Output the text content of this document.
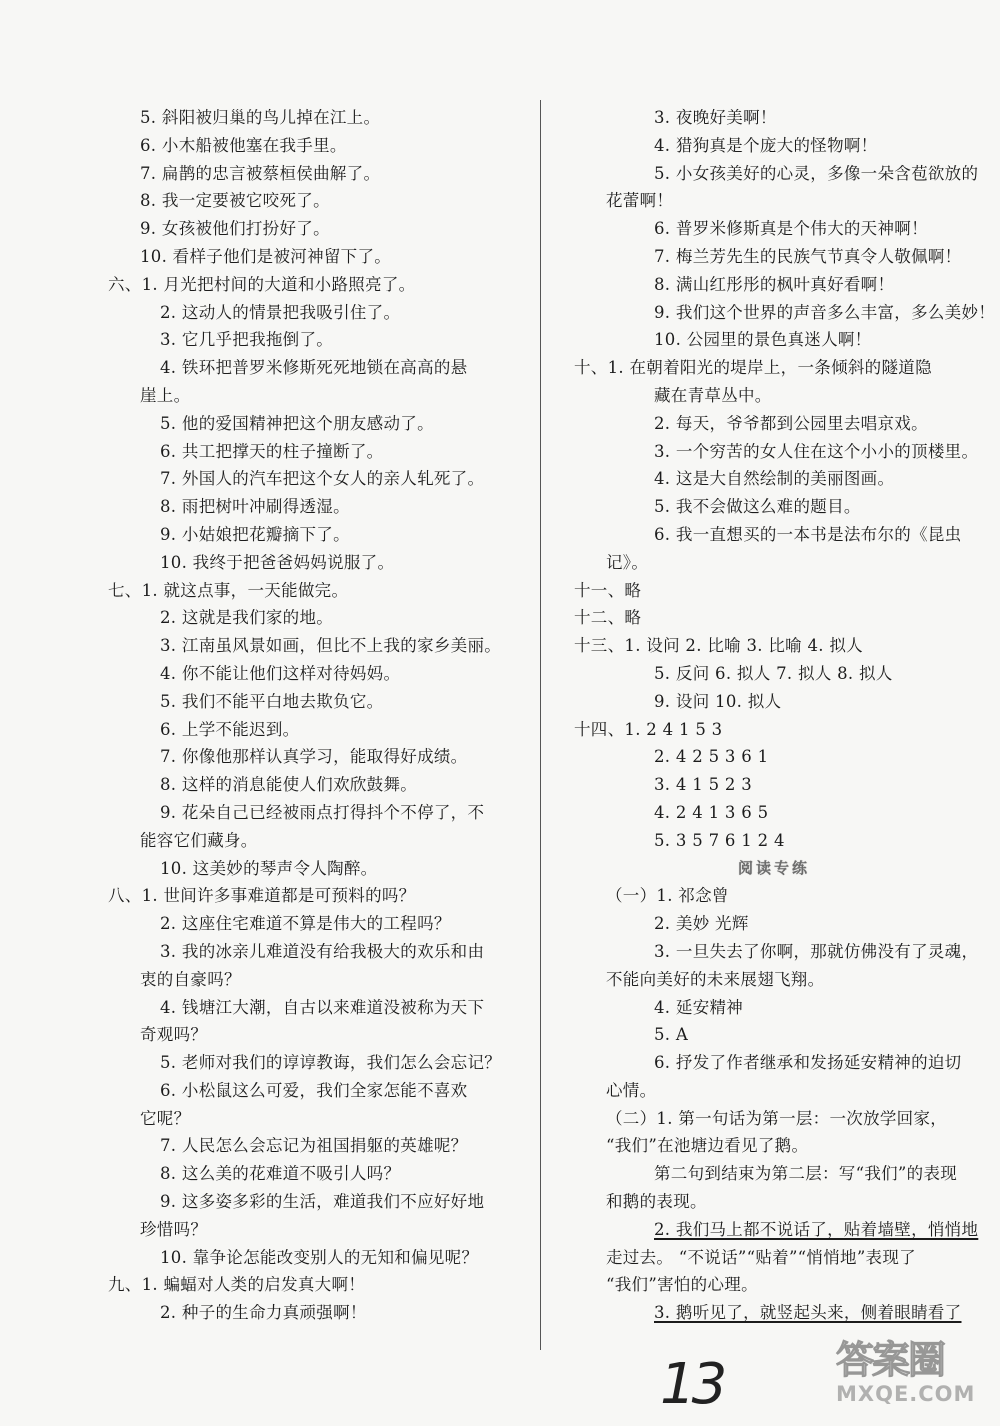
5. 斜阳被归巢的鸟儿掉在江上。
6. 小木船被他塞在我手里。
7. 扁鹊的忠言被蔡桓侯曲解了。
8. 我一定要被它咬死了。
9. 女孩被他们打扮好了。
10. 看样子他们是被河神留下了。
六、1. 月光把村间的大道和小路照亮了。
2. 这动人的情景把我吸引住了。
3. 它几乎把我拖倒了。
4. 铁环把普罗米修斯死死地锁在高高的悬
崖上。
5. 他的爱国精神把这个朋友感动了。
6. 共工把撑天的柱子撞断了。
7. 外国人的汽车把这个女人的亲人轧死了。
8. 雨把树叶冲刷得透湿。
9. 小姑娘把花瓣摘下了。
10. 我终于把爸爸妈妈说服了。
七、1. 就这点事，一天能做完。
2. 这就是我们家的地。
3. 江南虽风景如画，但比不上我的家乡美丽。
4. 你不能让他们这样对待妈妈。
5. 我们不能平白地去欺负它。
6. 上学不能迟到。
7. 你像他那样认真学习，能取得好成绩。
8. 这样的消息能使人们欢欣鼓舞。
9. 花朵自己已经被雨点打得抖个不停了，不
能容它们藏身。
10. 这美妙的琴声令人陶醉。
八、1. 世间许多事难道都是可预料的吗？
2. 这座住宅难道不算是伟大的工程吗？
3. 我的冰亲儿难道没有给我极大的欢乐和由
衷的自豪吗？
4. 钱塘江大潮，自古以来难道没被称为天下
奇观吗？
5. 老师对我们的谆谆教诲，我们怎么会忘记？
6. 小松鼠这么可爱，我们全家怎能不喜欢
它呢？
7. 人民怎么会忘记为祖国捐躯的英雄呢？
8. 这么美的花难道不吸引人吗？
9. 这多姿多彩的生活，难道我们不应好好地
珍惜吗？
10. 靠争论怎能改变别人的无知和偏见呢？
九、1. 蝙蝠对人类的启发真大啊！
2. 种子的生命力真顽强啊！
3. 夜晚好美啊！
4. 猎狗真是个庞大的怪物啊！
5. 小女孩美好的心灵，多像一朵含苞欲放的
花蕾啊！
6. 普罗米修斯真是个伟大的天神啊！
7. 梅兰芳先生的民族气节真令人敬佩啊！
8. 满山红彤彤的枫叶真好看啊！
9. 我们这个世界的声音多么丰富，多么美妙！
10. 公园里的景色真迷人啊！
十、1. 在朝着阳光的堤岸上，一条倾斜的隧道隐
藏在青草丛中。
2. 每天，爷爷都到公园里去唱京戏。
3. 一个穷苦的女人住在这个小小的顶楼里。
4. 这是大自然绘制的美丽图画。
5. 我不会做这么难的题目。
6. 我一直想买的一本书是法布尔的《昆虫
记》。
十一、略
十二、略
十三、1. 设问 2. 比喻 3. 比喻 4. 拟人
5. 反问 6. 拟人 7. 拟人 8. 拟人
9. 设问 10. 拟人
十四、1. 2 4 1 5 3
2. 4 2 5 3 6 1
3. 4 1 5 2 3
4. 2 4 1 3 6 5
5. 3 5 7 6 1 2 4
阅读专练
（一）1. 祁念曾
2. 美妙 光辉
3. 一旦失去了你啊，那就仿佛没有了灵魂，
不能向美好的未来展翅飞翔。
4. 延安精神
5. A
6. 抒发了作者继承和发扬延安精神的迫切
心情。
（二）1. 第一句话为第一层：一次放学回家，
“我们”在池塘边看见了鹅。
第二句到结束为第二层：写“我们”的表现
和鹅的表现。
2. 我们马上都不说话了，贴着墙壁，悄悄地
走过去。 “不说话”“贴着”“悄悄地”表现了
“我们”害怕的心理。
3. 鹅听见了，就竖起头来，侧着眼睛看了
13	答案圈
MXQE.COM
